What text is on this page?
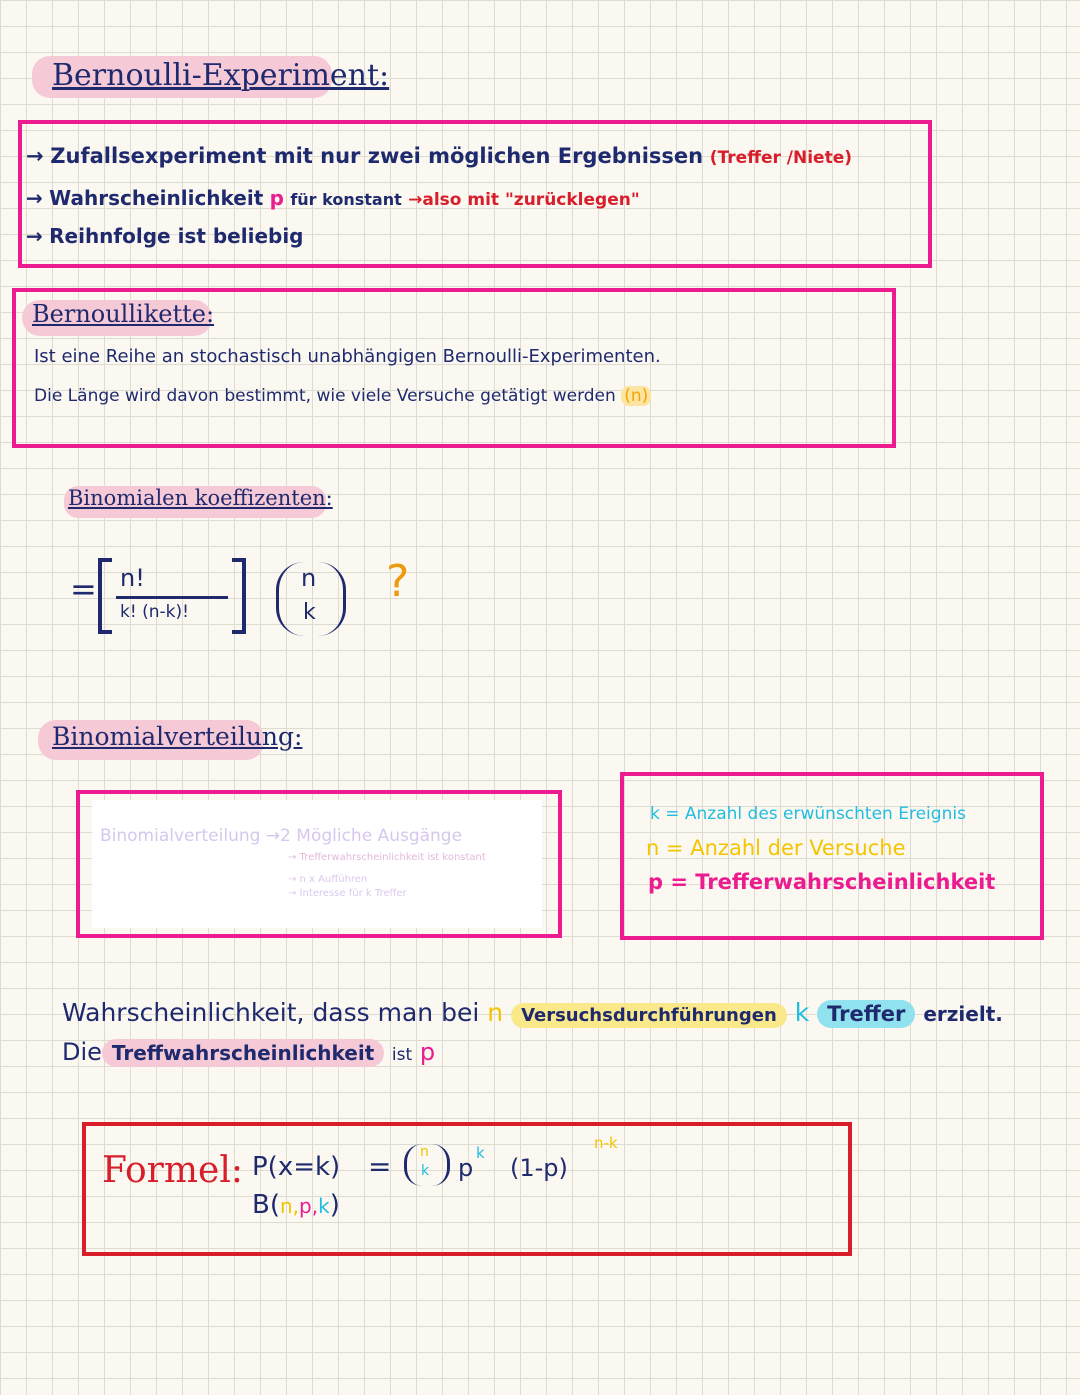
Bernoulli-Experiment:
→ Zufallsexperiment mit nur zwei möglichen Ergebnissen (Treffer /Niete)
→ Wahrscheinlichkeit p für konstant →also mit "zurücklegen"
→ Reihnfolge ist beliebig
Bernoullikette:
Ist eine Reihe an stochastisch unabhängigen Bernoulli-Experimenten.
Die Länge wird davon bestimmt, wie viele Versuche getätigt werden (n)
Binomialen koeffizenten:
= n!
k! (n-k)!
n
k
?
Binomialverteilung:
Binomialverteilung →2 Mögliche Ausgänge
→ Trefferwahrscheinlichkeit ist konstant
→ n x Aufführen
→ Interesse für k Treffer
k = Anzahl des erwünschten Ereignis
n = Anzahl der Versuche
p = Trefferwahrscheinlichkeit
Wahrscheinlichkeit, dass man bei n Versuchsdurchführungen k Treffer erzielt.
Die Treffwahrscheinlichkeit ist p
Formel: P(x=k) = n
k p
k
(1-p)
n-k
B(n,p,k)
